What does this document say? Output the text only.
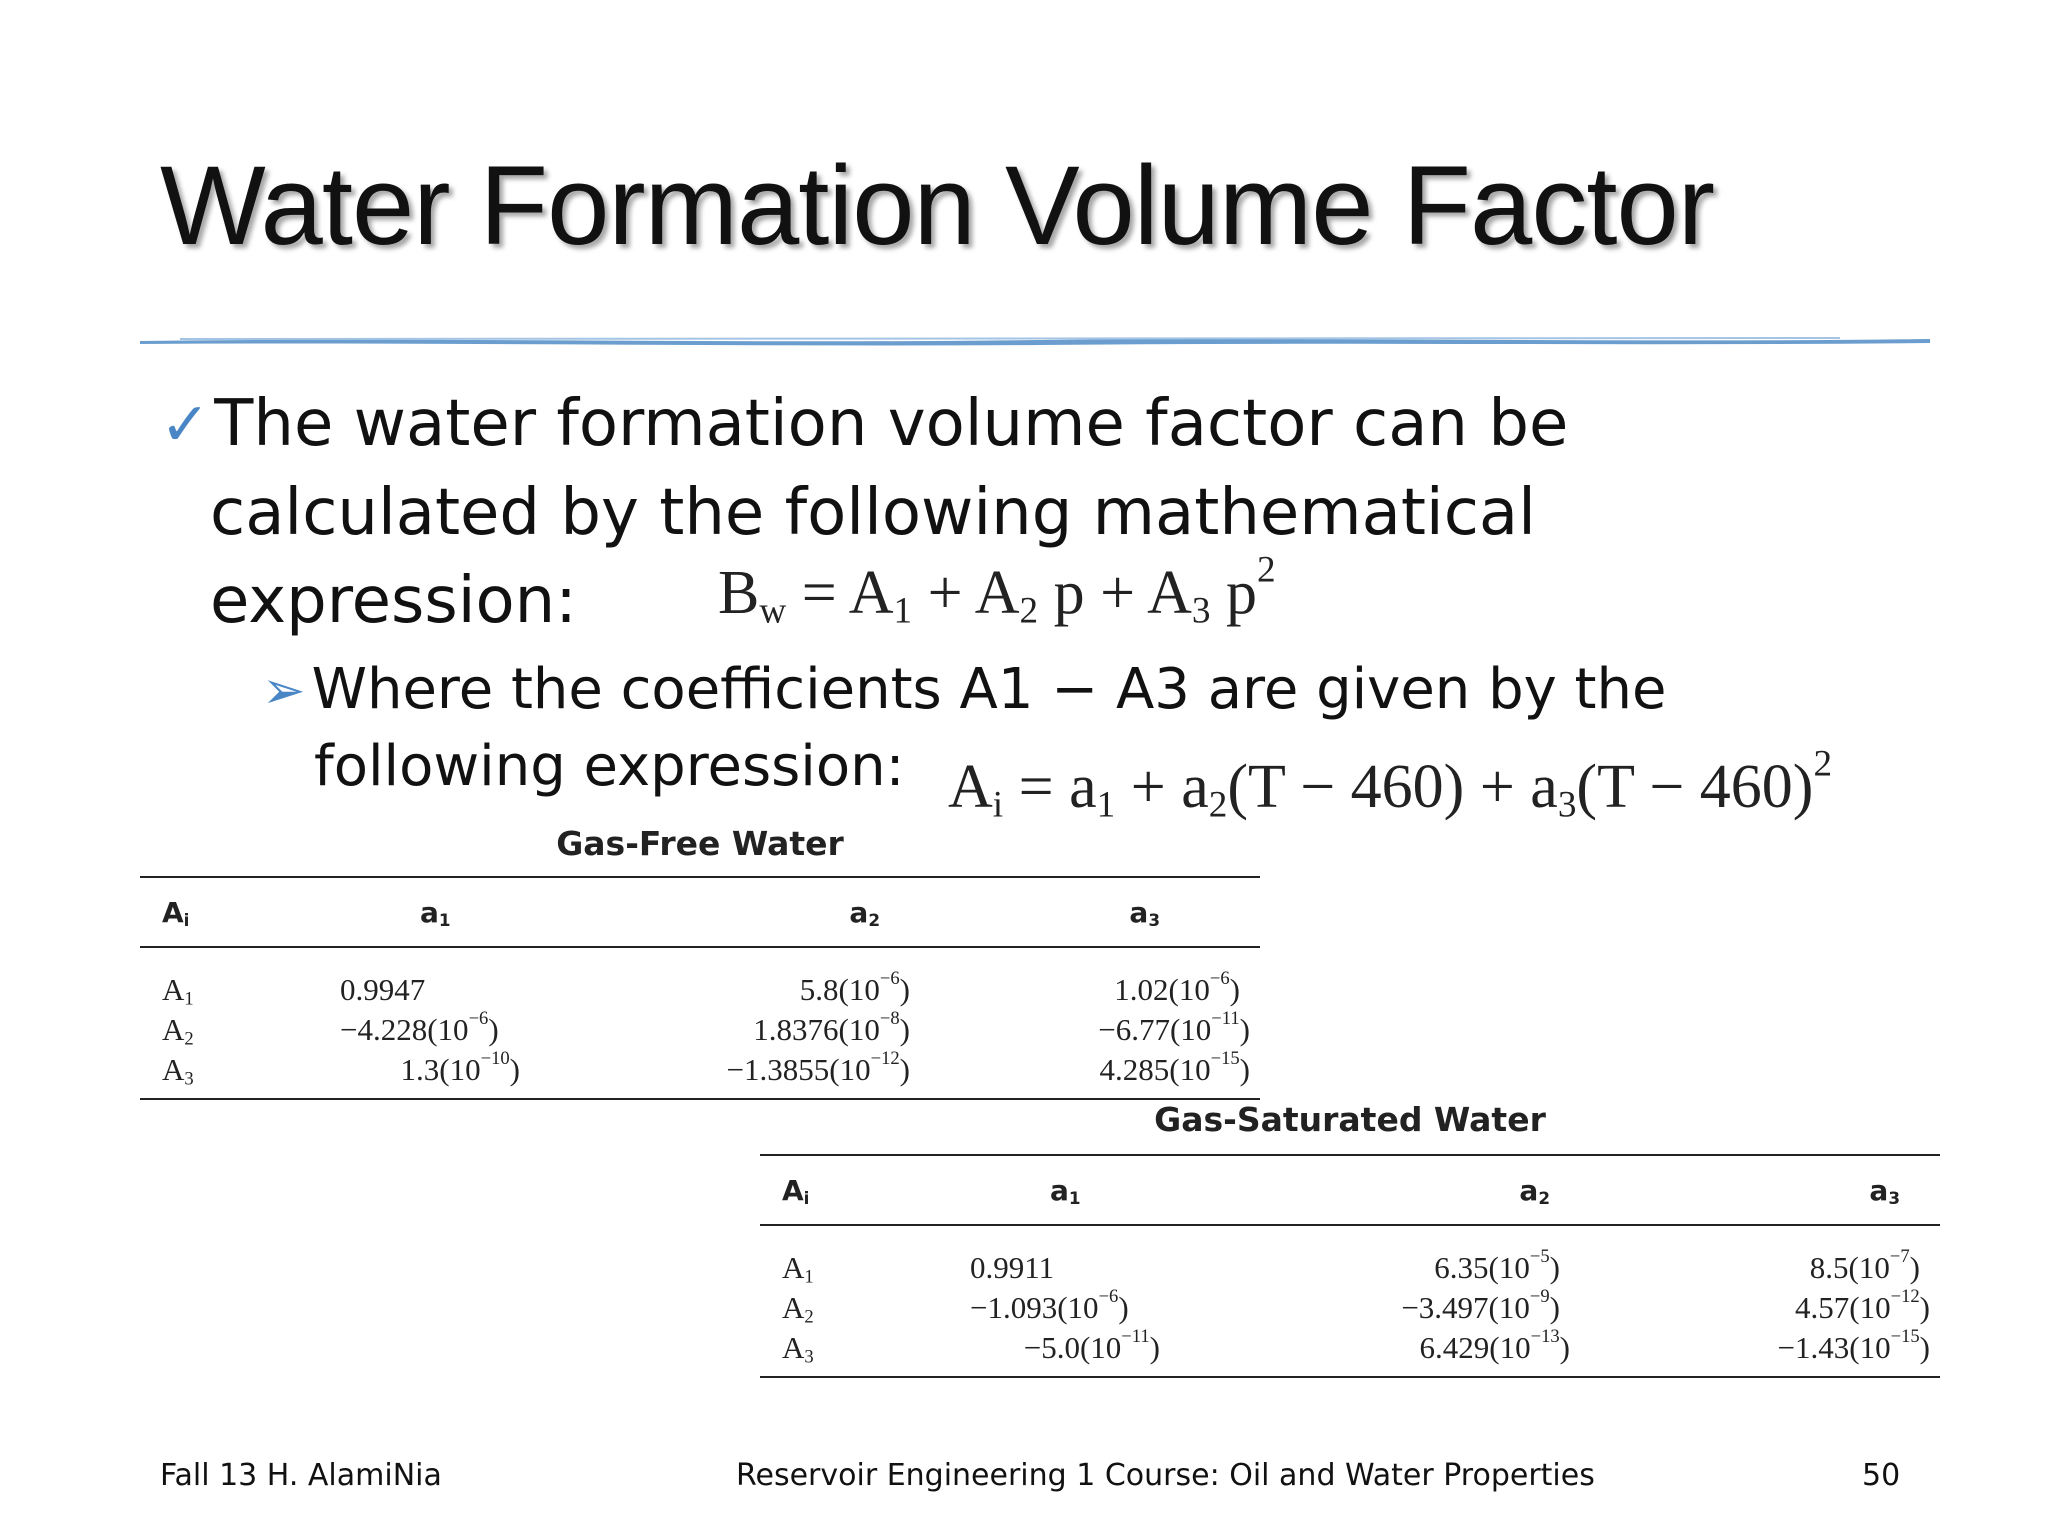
Water Formation Volume Factor
✓The water formation volume factor can be
calculated by the following mathematical
expression:	$B_w = A_1 + A_2$ $p + A_3$ $p^2$
➢ Where the coefficients A1 − A3 are given by the
following expression: $A_i = a_1 + a_2(T - 460) + a_3(T - 460)^2$
Gas-Free Water
$A_i$	$a_1$	$a_2$	$a_3$
$A_1$	0.9947	$5.8(10^{-6})$	$1.02(10^{-6})$
$A_2$	$-4.228(10^{-6})$	$1.8376(10^{-8})$	$-6.77(10^{-11})$
$A_3$	$1.3(10^{-10})$	$-1.3855(10^{-12})$	$4.285(10^{-15})$
Gas-Saturated Water
$A_i$	$a_1$	$a_2$	$a_3$
$A_1$	0.9911	$6.35(10^{-5})$	$8.5(10^{-7})$
$A_2$	$-1.093(10^{-6})$	$-3.497(10^{-9})$	$4.57(10^{-12})$
$A_3$	$-5.0(10^{-11})$	$6.429(10^{-13})$	$-1.43(10^{-15})$
Fall 13 H. AlamiNia	Reservoir Engineering 1 Course: Oil and Water Properties	50
